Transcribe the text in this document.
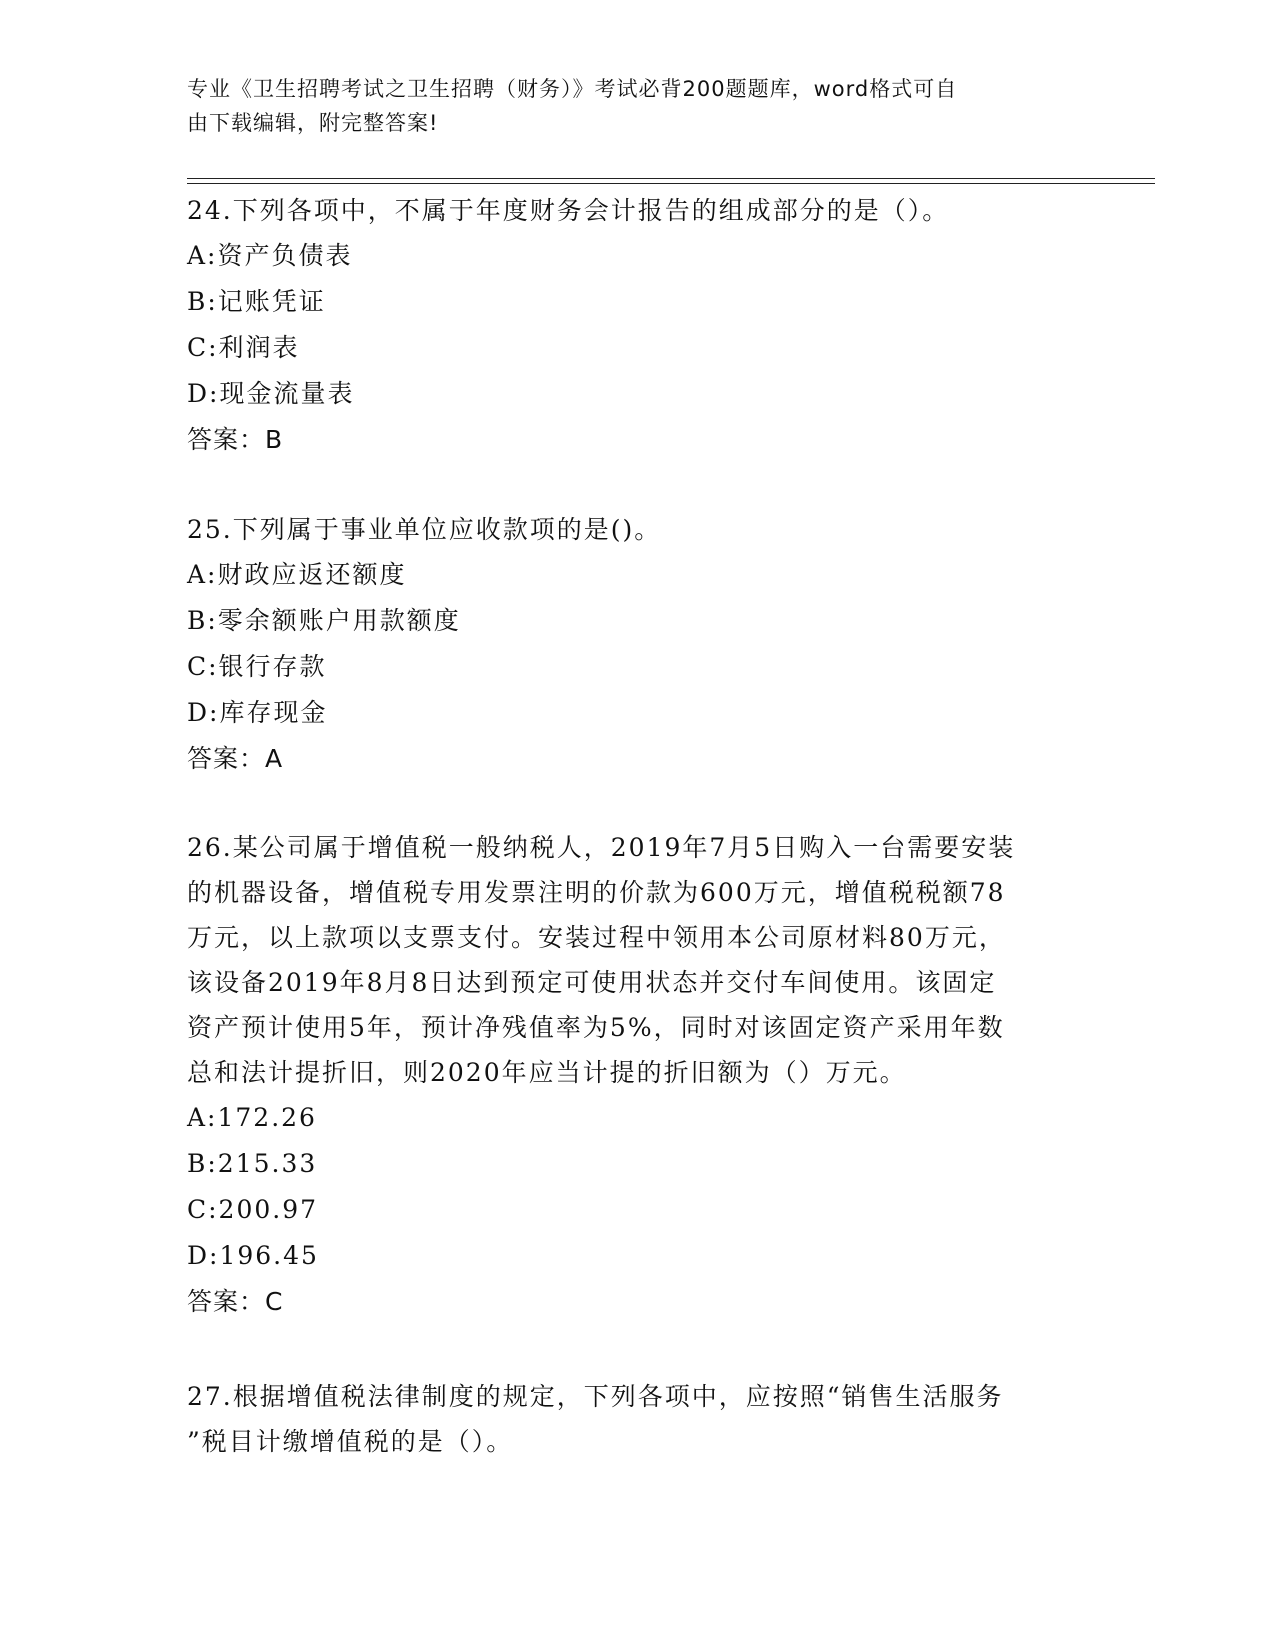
专业《卫生招聘考试之卫生招聘（财务）》考试必背200题题库，word格式可自
由下载编辑，附完整答案!

24.下列各项中，不属于年度财务会计报告的组成部分的是（）。

A:资产负债表

B:记账凭证

C:利润表

D:现金流量表

答案：B

25.下列属于事业单位应收款项的是()。

A:财政应返还额度

B:零余额账户用款额度

C:银行存款

D:库存现金

答案：A

26.某公司属于增值税一般纳税人，2019年7月5日购入一台需要安装

的机器设备，增值税专用发票注明的价款为600万元，增值税税额78

万元，以上款项以支票支付。安装过程中领用本公司原材料80万元，

该设备2019年8月8日达到预定可使用状态并交付车间使用。该固定

资产预计使用5年，预计净残值率为5%，同时对该固定资产采用年数

总和法计提折旧，则2020年应当计提的折旧额为（）万元。

A:172.26

B:215.33

C:200.97

D:196.45

答案：C

27.根据增值税法律制度的规定，下列各项中，应按照“销售生活服务

”税目计缴增值税的是（）。
